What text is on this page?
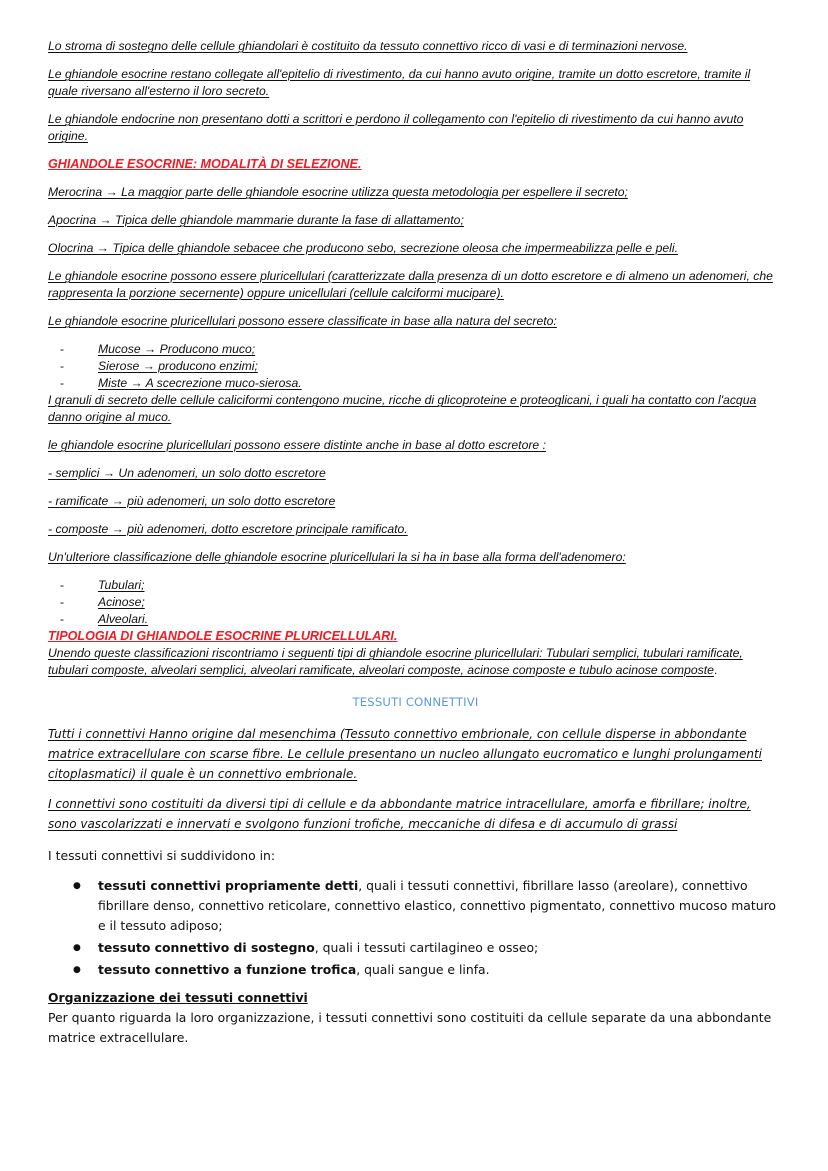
Lo stroma di sostegno delle cellule ghiandolari è costituito da tessuto connettivo ricco di vasi e di terminazioni nervose.

Le ghiandole esocrine restano collegate all'epitelio di rivestimento, da cui hanno avuto origine, tramite un dotto escretore, tramite il quale riversano all'esterno il loro secreto.

Le ghiandole endocrine non presentano dotti a scrittori e perdono il collegamento con l'epitelio di rivestimento da cui hanno avuto origine.

GHIANDOLE ESOCRINE: MODALITÀ DI SELEZIONE.

Merocrina → La maggior parte delle ghiandole esocrine utilizza questa metodologia per espellere il secreto;

Apocrina → Tipica delle ghiandole mammarie durante la fase di allattamento;

Olocrina → Tipica delle ghiandole sebacee che producono sebo, secrezione oleosa che impermeabilizza pelle e peli.

Le ghiandole esocrine possono essere pluricellulari (caratterizzate dalla presenza di un dotto escretore e di almeno un adenomeri, che rappresenta la porzione secernente) oppure unicellulari (cellule calciformi mucipare).

Le ghiandole esocrine pluricellulari possono essere classificate in base alla natura del secreto:

- Mucose → Producono muco;
- Sierose → producono enzimi;
- Miste → A scecrezione muco-sierosa.

I granuli di secreto delle cellule caliciformi contengono mucine, ricche di glicoproteine e proteoglicani, i quali ha contatto con l'acqua danno origine al muco.

le ghiandole esocrine pluricellulari possono essere distinte anche in base al dotto escretore :

- semplici → Un adenomeri, un solo dotto escretore

- ramificate → più adenomeri, un solo dotto escretore

- composte → più adenomeri, dotto escretore principale ramificato.

Un'ulteriore classificazione delle ghiandole esocrine pluricellulari la si ha in base alla forma dell'adenomero:

- Tubulari;
- Acinose;
- Alveolari.

TIPOLOGIA DI GHIANDOLE ESOCRINE PLURICELLULARI.

Unendo queste classificazioni riscontriamo i seguenti tipi di ghiandole esocrine pluricellulari: Tubulari semplici, tubulari ramificate, tubulari composte, alveolari semplici, alveolari ramificate, alveolari composte, acinose composte e tubulo acinose composte.

TESSUTI CONNETTIVI

Tutti i connettivi Hanno origine dal mesenchima (Tessuto connettivo embrionale, con cellule disperse in abbondante matrice extracellulare con scarse fibre. Le cellule presentano un nucleo allungato eucromatico e lunghi prolungamenti citoplasmatici) il quale è un connettivo embrionale.

I connettivi sono costituiti da diversi tipi di cellule e da abbondante matrice intracellulare, amorfa e fibrillare; inoltre, sono vascolarizzati e innervati e svolgono funzioni trofiche, meccaniche di difesa e di accumulo di grassi

I tessuti connettivi si suddividono in:

● tessuti connettivi propriamente detti, quali i tessuti connettivi, fibrillare lasso (areolare), connettivo fibrillare denso, connettivo reticolare, connettivo elastico, connettivo pigmentato, connettivo mucoso maturo e il tessuto adiposo;
● tessuto connettivo di sostegno, quali i tessuti cartilagineo e osseo;
● tessuto connettivo a funzione trofica, quali sangue e linfa.

Organizzazione dei tessuti connettivi

Per quanto riguarda la loro organizzazione, i tessuti connettivi sono costituiti da cellule separate da una abbondante matrice extracellulare.
